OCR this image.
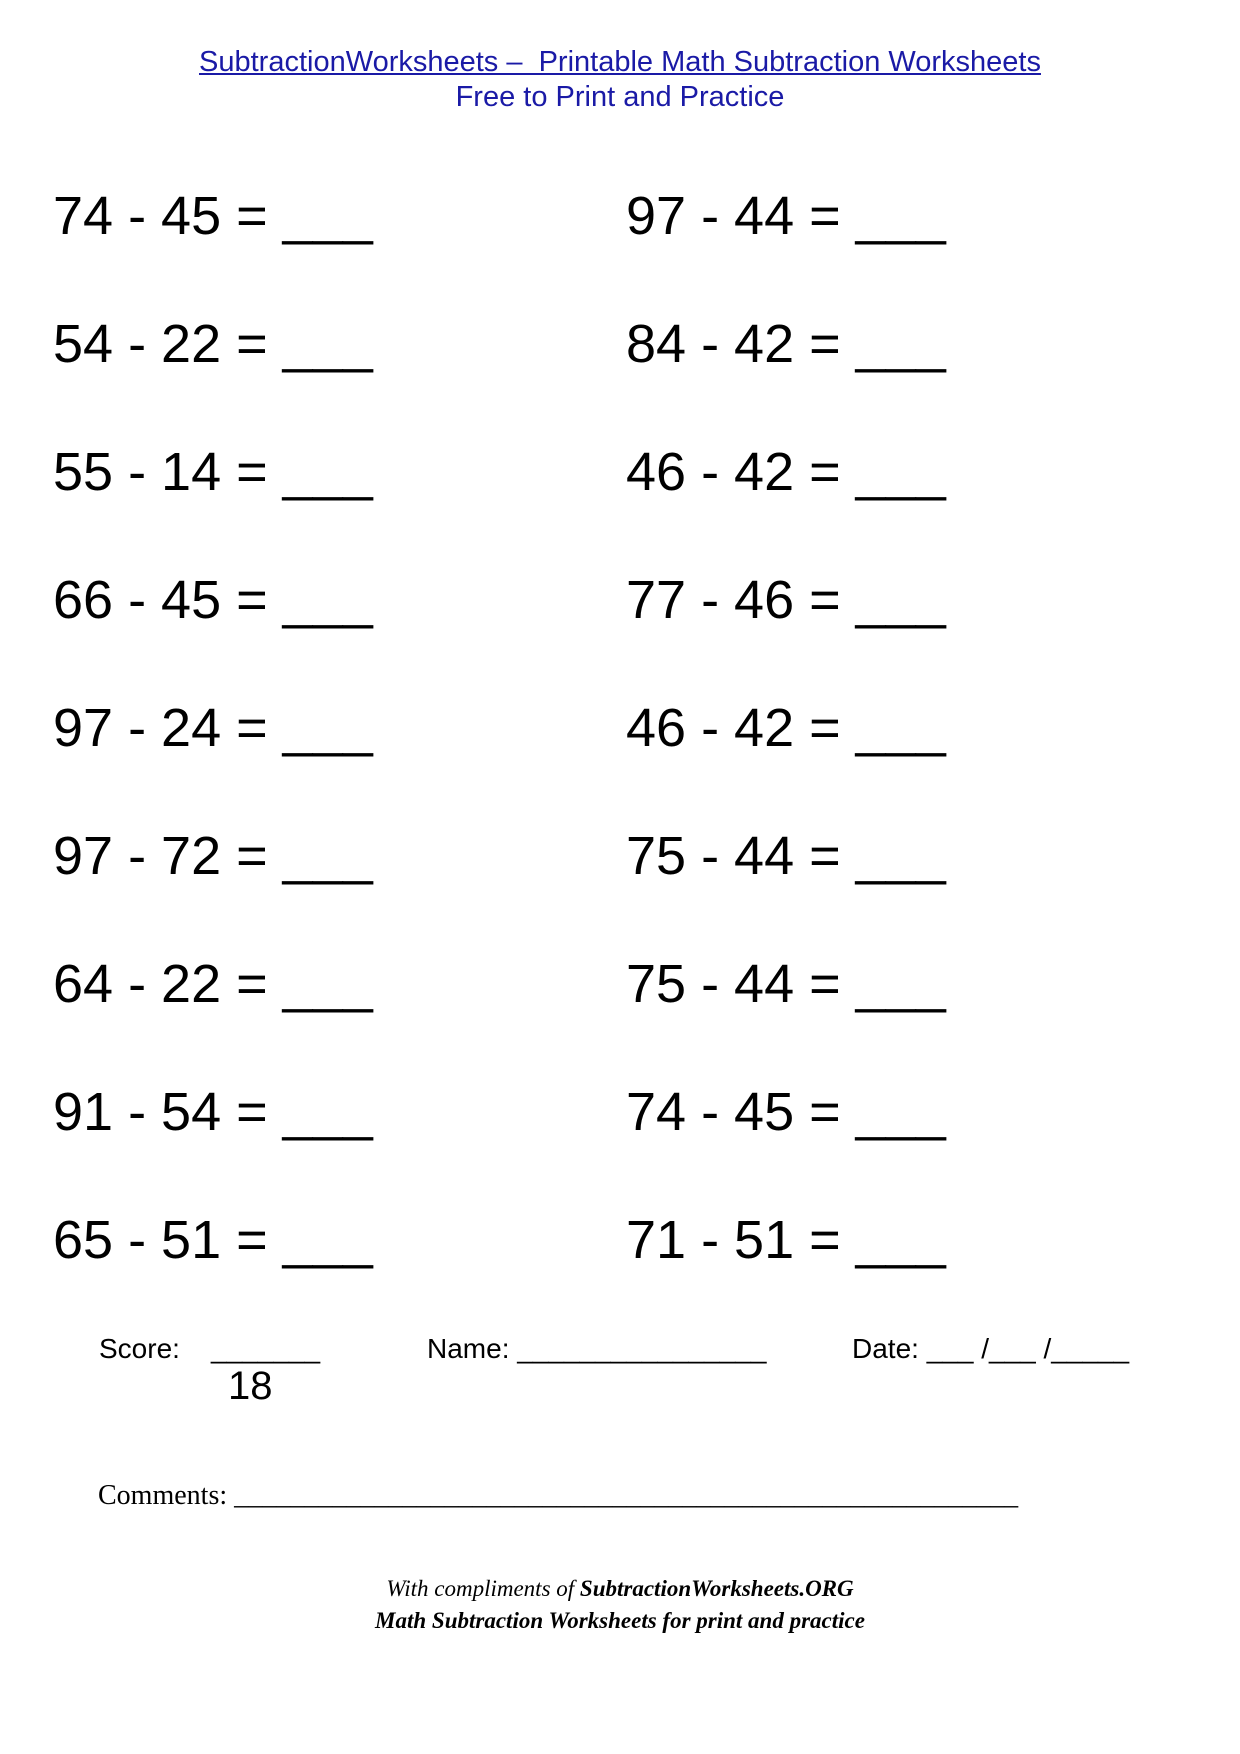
SubtractionWorksheets –  Printable Math Subtraction Worksheets
Free to Print and Practice
74 - 45 = ___
54 - 22 = ___
55 - 14 = ___
66 - 45 = ___
97 - 24 = ___
97 - 72 = ___
64 - 22 = ___
91 - 54 = ___
65 - 51 = ___
97 - 44 = ___
84 - 42 = ___
46 - 42 = ___
77 - 46 = ___
46 - 42 = ___
75 - 44 = ___
75 - 44 = ___
74 - 45 = ___
71 - 51 = ___
Score:    _______
18
Name: ________________	Date: ___ /___ /_____
Comments: ________________________________________________________
With compliments of SubtractionWorksheets.ORG
Math Subtraction Worksheets for print and practice
